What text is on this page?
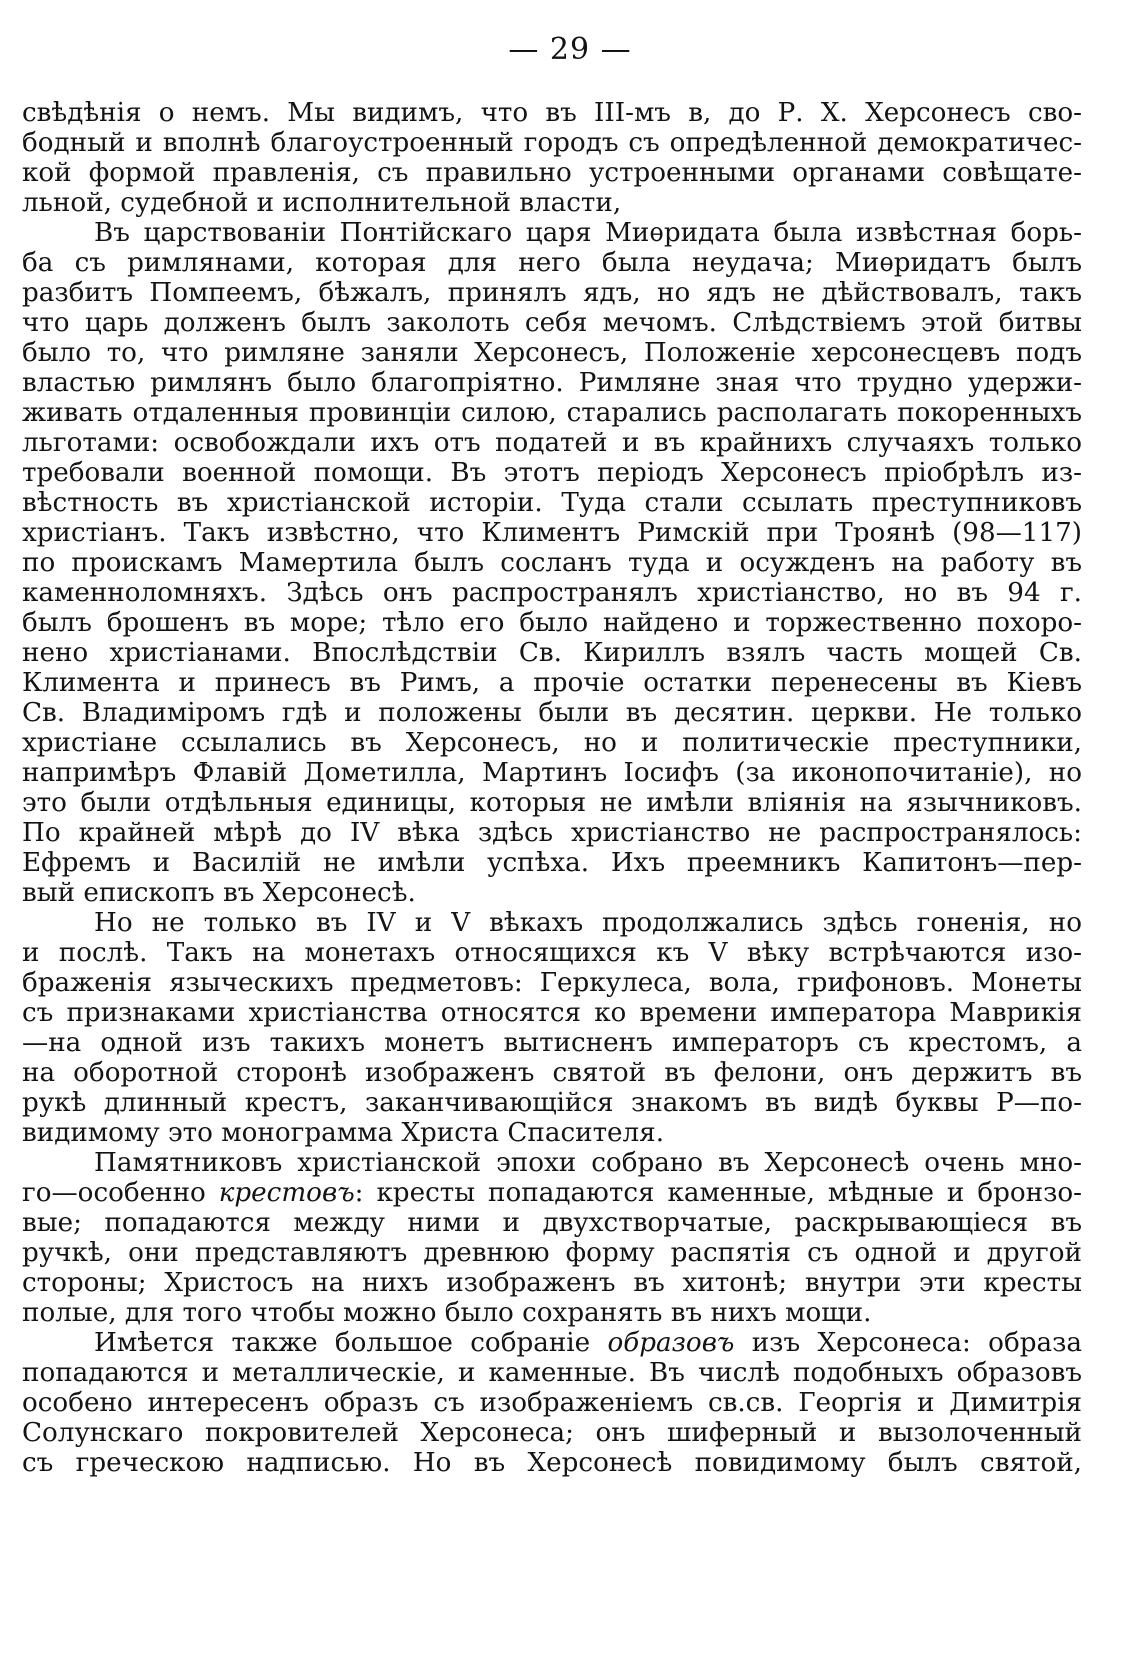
— 29 —
свѣдѣнія о немъ. Мы видимъ, что въ III-мъ в, до Р. X. Херсонесъ сво-
бодный и вполнѣ благоустроенный городъ съ опредѣленной демократичес-
кой формой правленія, съ правильно устроенными органами совѣщате-
льной, судебной и исполнительной власти,
Въ царствованіи Понтійскаго царя Миѳридата была извѣстная борь-
ба съ римлянами, которая для него была неудача; Миѳридатъ былъ
разбитъ Помпеемъ, бѣжалъ, принялъ ядъ, но ядъ не дѣйствовалъ, такъ
что царь долженъ былъ заколоть себя мечомъ. Слѣдствіемъ этой битвы
было то, что римляне заняли Херсонесъ, Положеніе херсонесцевъ подъ
властью римлянъ было благопріятно. Римляне зная что трудно удержи-
живать отдаленныя провинціи силою, старались располагать покоренныхъ
льготами: освобождали ихъ отъ податей и въ крайнихъ случаяхъ только
требовали военной помощи. Въ этотъ періодъ Херсонесъ пріобрѣлъ из-
вѣстность въ христіанской исторіи. Туда стали ссылать преступниковъ
христіанъ. Такъ извѣстно, что Климентъ Римскій при Троянѣ (98—117)
по проискамъ Мамертила былъ сосланъ туда и осужденъ на работу въ
каменноломняхъ. Здѣсь онъ распространялъ христіанство, но въ 94 г.
былъ брошенъ въ море; тѣло его было найдено и торжественно похоро-
нено христіанами. Впослѣдствіи Св. Кириллъ взялъ часть мощей Св.
Климента и принесъ въ Римъ, а прочіе остатки перенесены въ Кіевъ
Св. Владиміромъ гдѣ и положены были въ десятин. церкви. Не только
христіане ссылались въ Херсонесъ, но и политическіе преступники,
напримѣръ Флавій Дометилла, Мартинъ Іосифъ (за иконопочитаніе), но
это были отдѣльныя единицы, которыя не имѣли вліянія на язычниковъ.
По крайней мѣрѣ до IV вѣка здѣсь христіанство не распространялось:
Ефремъ и Василій не имѣли успѣха. Ихъ преемникъ Капитонъ—пер-
вый епископъ въ Херсонесѣ.
Но не только въ IV и V вѣкахъ продолжались здѣсь гоненія, но
и послѣ. Такъ на монетахъ относящихся къ V вѣку встрѣчаются изо-
браженія языческихъ предметовъ: Геркулеса, вола, грифоновъ. Монеты
съ признаками христіанства относятся ко времени императора Маврикія
—на одной изъ такихъ монетъ вытисненъ императоръ съ крестомъ, а
на оборотной сторонѣ изображенъ святой въ фелони, онъ держитъ въ
рукѣ длинный крестъ, заканчивающійся знакомъ въ видѣ буквы Р—по-
видимому это монограмма Христа Спасителя.
Памятниковъ христіанской эпохи собрано въ Херсонесѣ очень мно-
го—особенно крестовъ: кресты попадаются каменные, мѣдные и бронзо-
вые; попадаются между ними и двухстворчатые, раскрывающіеся въ
ручкѣ, они представляютъ древнюю форму распятія съ одной и другой
стороны; Христосъ на нихъ изображенъ въ хитонѣ; внутри эти кресты
полые, для того чтобы можно было сохранять въ нихъ мощи.
Имѣется также большое собраніе образовъ изъ Херсонеса: образа
попадаются и металлическіе, и каменные. Въ числѣ подобныхъ образовъ
особено интересенъ образъ съ изображеніемъ св.св. Георгія и Димитрія
Солунскаго покровителей Херсонеса; онъ шиферный и вызолоченный
съ греческою надписью. Но въ Херсонесѣ повидимому былъ святой,
